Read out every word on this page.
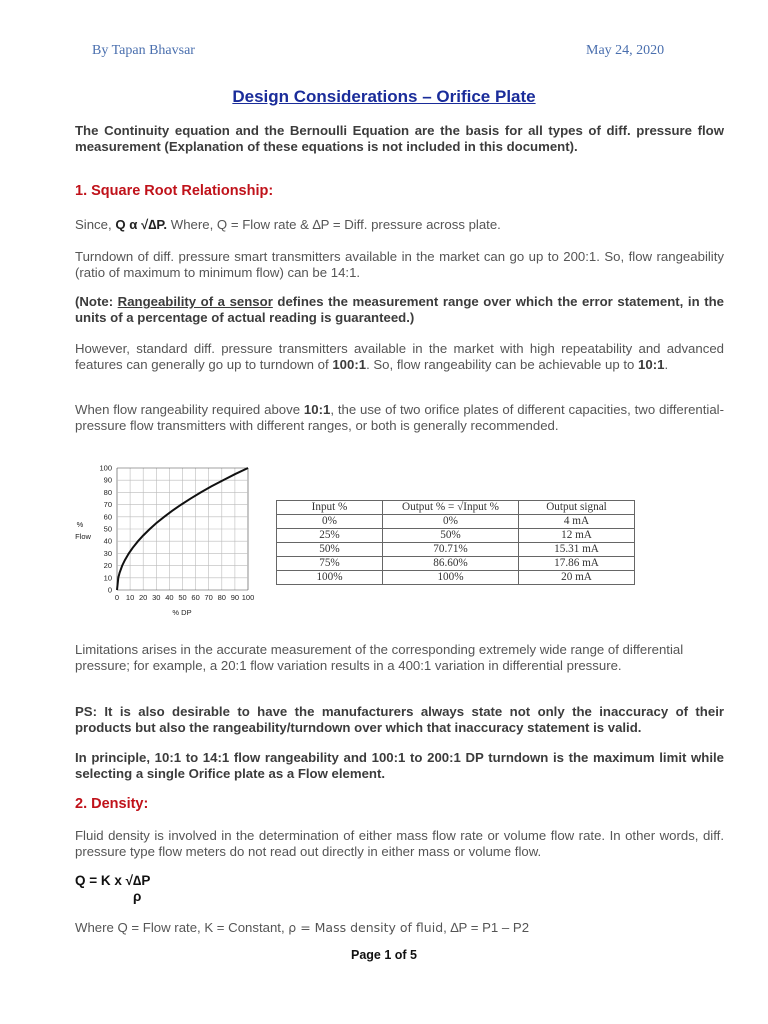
By Tapan Bhavsar	May 24, 2020
Design Considerations – Orifice Plate
The Continuity equation and the Bernoulli Equation are the basis for all types of diff. pressure flow measurement (Explanation of these equations is not included in this document).
1. Square Root Relationship:
Since, Q α √∆P. Where, Q = Flow rate & ∆P = Diff. pressure across plate.
Turndown of diff. pressure smart transmitters available in the market can go up to 200:1. So, flow rangeability (ratio of maximum to minimum flow) can be 14:1.
(Note: Rangeability of a sensor defines the measurement range over which the error statement, in the units of a percentage of actual reading is guaranteed.)
However, standard diff. pressure transmitters available in the market with high repeatability and advanced features can generally go up to turndown of 100:1. So, flow rangeability can be achievable up to 10:1.
When flow rangeability required above 10:1, the use of two orifice plates of different capacities, two differential-pressure flow transmitters with different ranges, or both is generally recommended.
0 10 20 30 40 50 60 70 80 90 100
0
10
20
30
40
50
60
70
80
90
100
%
Flow
% DP
Input %	Output % = √Input %	Output signal
0%	0%	4 mA
25%	50%	12 mA
50%	70.71%	15.31 mA
75%	86.60%	17.86 mA
100%	100%	20 mA
Limitations arises in the accurate measurement of the corresponding extremely wide range of differential pressure; for example, a 20:1 flow variation results in a 400:1 variation in differential pressure.
PS: It is also desirable to have the manufacturers always state not only the inaccuracy of their products but also the rangeability/turndown over which that inaccuracy statement is valid.
In principle, 10:1 to 14:1 flow rangeability and 100:1 to 200:1 DP turndown is the maximum limit while selecting a single Orifice plate as a Flow element.
2. Density:
Fluid density is involved in the determination of either mass flow rate or volume flow rate. In other words, diff. pressure type flow meters do not read out directly in either mass or volume flow.
Q = K x √∆P
ρ
Where Q = Flow rate, K = Constant, ρ = Mass density of fluid, ∆P = P1 – P2
Page 1 of 5
